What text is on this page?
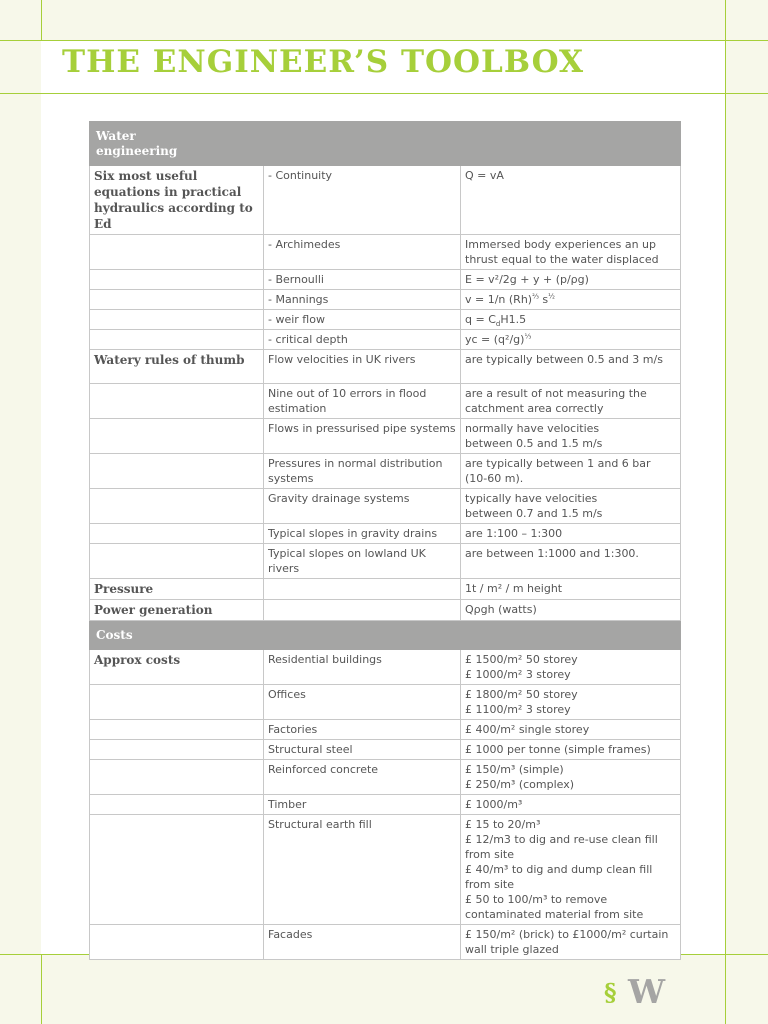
THE ENGINEER’S TOOLBOX
Water
engineering		
Six most useful equations in practical hydraulics according to Ed	- Continuity	Q = vA
	- Archimedes	Immersed body experiences an up thrust equal to the water displaced
	- Bernoulli	E = v²/2g + y + (p/ρg)
	- Mannings	v = 1/n $(Rh)^{\frac{2}{3}}$ $s^{\frac{1}{2}}$
	- weir flow	$q = C_dH1.5$
	- critical depth	yc = $(q^2/g)^{\frac{1}{3}}$
Watery rules of thumb	Flow velocities in UK rivers	are typically between 0.5 and 3 m/s
	Nine out of 10 errors in flood estimation	are a result of not measuring the catchment area correctly
	Flows in pressurised pipe systems	normally have velocities
between 0.5 and 1.5 m/s
	Pressures in normal distribution systems	are typically between 1 and 6 bar (10-60 m).
	Gravity drainage systems	typically have velocities
between 0.7 and 1.5 m/s
	Typical slopes in gravity drains	are 1:100 – 1:300
	Typical slopes on lowland UK rivers	are between 1:1000 and 1:300.
Pressure		1t / m² / m height
Power generation		Qρgh (watts)
Costs		
Approx costs	Residential buildings	£ 1500/m² 50 storey
£ 1000/m² 3 storey
	Offices	£ 1800/m² 50 storey
£ 1100/m² 3 storey
	Factories	£ 400/m² single storey
	Structural steel	£ 1000 per tonne (simple frames)
	Reinforced concrete	£ 150/m³ (simple)
£ 250/m³ (complex)
	Timber	£ 1000/m³
	Structural earth fill	£ 15 to 20/m³
£ 12/m3 to dig and re-use clean fill from site
£ 40/m³ to dig and dump clean fill from site
£ 50 to 100/m³ to remove contaminated material from site
	Facades	£ 150/m² (brick) to £1000/m² curtain wall triple glazed
§ W
